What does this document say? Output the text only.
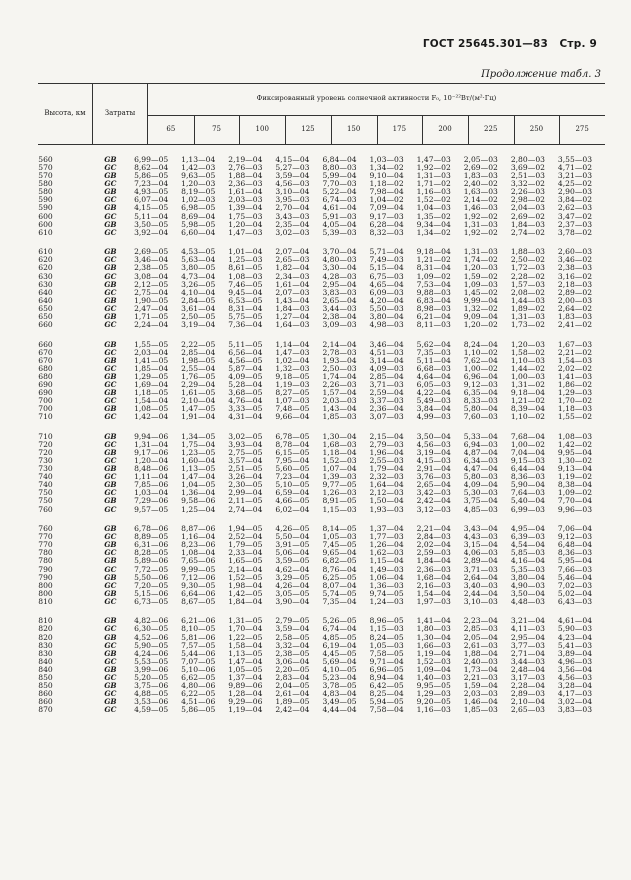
ГОСТ 25645.301—83 Стр. 9
Продолжение табл. 3
Высота, км	Затраты
Фиксированный уровень солнечной активности F₀, 10⁻²²Вт/(м²·Гц)
65	75	100	125	150	175	200	225	250	275
560	GB	6,99—05	1,13—04	2,19—04	4,15—04	6,84—04	1,03—03	1,47—03	2,05—03	2,80—03	3,55—03
570	GC	8,62—04	1,42—03	2,76—03	5,27—03	8,80—03	1,34—02	1,92—02	2,69—02	3,69—02	4,71—02
570	GB	5,86—05	9,63—05	1,88—04	3,59—04	5,99—04	9,10—04	1,31—03	1,83—03	2,51—03	3,21—03
580	GC	7,23—04	1,20—03	2,36—03	4,56—03	7,70—03	1,18—02	1,71—02	2,40—02	3,32—02	4,25—02
580	GB	4,93—05	8,19—05	1,61—04	3,10—04	5,22—04	7,98—04	1,16—03	1,63—03	2,26—03	2,90—03
590	GC	6,07—04	1,02—03	2,03—03	3,95—03	6,74—03	1,04—02	1,52—02	2,14—02	2,98—02	3,84—02
590	GB	4,15—05	6,98—05	1,39—04	2,70—04	4,61—04	7,09—04	1,04—03	1,46—03	2,04—03	2,62—03
600	GC	5,11—04	8,69—04	1,75—03	3,43—03	5,91—03	9,17—03	1,35—02	1,92—02	2,69—02	3,47—02
600	GB	3,50—05	5,98—05	1,20—04	2,35—04	4,05—04	6,28—04	9,34—04	1,31—03	1,84—03	2,37—03
610	GC	3,92—04	6,60—04	1,47—03	3,02—03	5,39—03	8,32—03	1,34—02	1,92—02	2,74—02	3,78—02
610	GB	2,69—05	4,53—05	1,01—04	2,07—04	3,70—04	5,71—04	9,18—04	1,31—03	1,88—03	2,60—03
620	GC	3,46—04	5,63—04	1,25—03	2,65—03	4,80—03	7,49—03	1,21—02	1,74—02	2,50—02	3,46—02
620	GB	2,38—05	3,80—05	8,61—05	1,82—04	3,30—04	5,15—04	8,31—04	1,20—03	1,72—03	2,38—03
630	GC	3,08—04	4,73—04	1,08—03	2,34—03	4,28—03	6,75—03	1,09—02	1,59—02	2,28—02	3,16—02
630	GB	2,12—05	3,26—05	7,46—05	1,61—04	2,95—04	4,65—04	7,53—04	1,09—03	1,57—03	2,18—03
640	GC	2,75—04	4,10—04	9,45—04	2,07—03	3,83—03	6,09—03	9,88—03	1,45—02	2,08—02	2,89—02
640	GB	1,90—05	2,84—05	6,53—05	1,43—04	2,65—04	4,20—04	6,83—04	9,99—04	1,44—03	2,00—03
650	GC	2,47—04	3,61—04	8,31—04	1,84—03	3,44—03	5,50—03	8,98—03	1,32—02	1,89—02	2,64—02
650	GB	1,71—05	2,50—05	5,75—05	1,27—04	2,38—04	3,80—04	6,21—04	9,09—04	1,31—03	1,83—03
660	GC	2,24—04	3,19—04	7,36—04	1,64—03	3,09—03	4,98—03	8,11—03	1,20—02	1,73—02	2,41—02
660	GB	1,55—05	2,22—05	5,11—05	1,14—04	2,14—04	3,46—04	5,62—04	8,24—04	1,20—03	1,67—03
670	GC	2,03—04	2,85—04	6,56—04	1,47—03	2,78—03	4,51—03	7,35—03	1,10—02	1,58—02	2,21—02
670	GB	1,41—05	1,98—05	4,56—05	1,02—04	1,93—04	3,14—04	5,11—04	7,62—04	1,10—03	1,54—03
680	GC	1,85—04	2,55—04	5,87—04	1,32—03	2,50—03	4,09—03	6,68—03	1,00—02	1,44—02	2,02—02
680	GB	1,29—05	1,76—05	4,09—05	9,18—05	1,74—04	2,85—04	4,64—04	6,96—04	1,00—03	1,41—03
690	GC	1,69—04	2,29—04	5,28—04	1,19—03	2,26—03	3,71—03	6,05—03	9,12—03	1,31—02	1,86—02
690	GB	1,18—05	1,61—05	3,68—05	8,27—05	1,57—04	2,59—04	4,22—04	6,35—04	9,18—04	1,29—03
700	GC	1,54—04	2,10—04	4,76—04	1,07—03	2,03—03	3,37—03	5,49—03	8,33—03	1,21—02	1,70—02
700	GB	1,08—05	1,47—05	3,33—05	7,48—05	1,43—04	2,36—04	3,84—04	5,80—04	8,39—04	1,18—03
710	GC	1,42—04	1,91—04	4,31—04	9,66—04	1,85—03	3,07—03	4,99—03	7,60—03	1,10—02	1,55—02
710	GB	9,94—06	1,34—05	3,02—05	6,78—05	1,30—04	2,15—04	3,50—04	5,33—04	7,68—04	1,08—03
720	GC	1,31—04	1,75—04	3,93—04	8,78—04	1,68—03	2,79—03	4,56—03	6,94—03	1,00—02	1,42—02
720	GB	9,17—06	1,23—05	2,75—05	6,15—05	1,18—04	1,96—04	3,19—04	4,87—04	7,04—04	9,95—04
730	GC	1,20—04	1,60—04	3,57—04	7,95—04	1,52—03	2,55—03	4,15—03	6,34—03	9,15—03	1,30—02
730	GB	8,48—06	1,13—05	2,51—05	5,60—05	1,07—04	1,79—04	2,91—04	4,47—04	6,44—04	9,13—04
740	GC	1,11—04	1,47—04	3,26—04	7,23—04	1,39—03	2,32—03	3,76—03	5,80—03	8,36—03	1,19—02
740	GB	7,85—06	1,04—05	2,30—05	5,10—05	9,77—05	1,64—04	2,65—04	4,09—04	5,90—04	8,38—04
750	GC	1,03—04	1,36—04	2,99—04	6,59—04	1,26—03	2,12—03	3,42—03	5,30—03	7,64—03	1,09—02
750	GB	7,29—06	9,58—06	2,11—05	4,66—05	8,91—05	1,50—04	2,42—04	3,75—04	5,40—04	7,70—04
760	GC	9,57—05	1,25—04	2,74—04	6,02—04	1,15—03	1,93—03	3,12—03	4,85—03	6,99—03	9,96—03
760	GB	6,78—06	8,87—06	1,94—05	4,26—05	8,14—05	1,37—04	2,21—04	3,43—04	4,95—04	7,06—04
770	GC	8,89—05	1,16—04	2,52—04	5,50—04	1,05—03	1,77—03	2,84—03	4,43—03	6,39—03	9,12—03
770	GB	6,31—06	8,23—06	1,79—05	3,91—05	7,45—05	1,26—04	2,02—04	3,15—04	4,54—04	6,48—04
780	GC	8,28—05	1,08—04	2,33—04	5,06—04	9,65—04	1,62—03	2,59—03	4,06—03	5,85—03	8,36—03
780	GB	5,89—06	7,65—06	1,65—05	3,59—05	6,82—05	1,15—04	1,84—04	2,89—04	4,16—04	5,95—04
790	GC	7,72—05	9,99—05	2,14—04	4,62—04	8,76—04	1,49—03	2,36—03	3,71—03	5,35—03	7,66—03
790	GB	5,50—06	7,12—06	1,52—05	3,29—05	6,25—05	1,06—04	1,68—04	2,64—04	3,80—04	5,46—04
800	GC	7,20—05	9,30—05	1,98—04	4,26—04	8,07—04	1,36—03	2,16—03	3,40—03	4,90—03	7,02—03
800	GB	5,15—06	6,64—06	1,42—05	3,05—05	5,74—05	9,74—05	1,54—04	2,44—04	3,50—04	5,02—04
810	GC	6,73—05	8,67—05	1,84—04	3,90—04	7,35—04	1,24—03	1,97—03	3,10—03	4,48—03	6,43—03
810	GB	4,82—06	6,21—06	1,31—05	2,79—05	5,26—05	8,96—05	1,41—04	2,23—04	3,21—04	4,61—04
820	GC	6,30—05	8,10—05	1,70—04	3,59—04	6,74—04	1,15—03	1,80—03	2,85—03	4,11—03	5,90—03
820	GB	4,52—06	5,81—06	1,22—05	2,58—05	4,85—05	8,24—05	1,30—04	2,05—04	2,95—04	4,23—04
830	GC	5,90—05	7,57—05	1,58—04	3,32—04	6,19—04	1,05—03	1,66—03	2,61—03	3,77—03	5,41—03
830	GB	4,24—06	5,44—06	1,13—05	2,38—05	4,45—05	7,58—05	1,19—04	1,88—04	2,71—04	3,89—04
840	GC	5,53—05	7,07—05	1,47—04	3,06—04	5,69—04	9,71—04	1,52—03	2,40—03	3,44—03	4,96—03
840	GB	3,99—06	5,10—06	1,05—05	2,20—05	4,10—05	6,96—05	1,09—04	1,73—04	2,48—04	3,56—04
850	GC	5,20—05	6,62—05	1,37—04	2,83—04	5,23—04	8,94—04	1,40—03	2,21—03	3,17—03	4,56—03
850	GB	3,75—06	4,80—06	9,89—06	2,04—05	3,78—05	6,42—05	9,95—05	1,59—04	2,28—04	3,28—04
860	GC	4,88—05	6,22—05	1,28—04	2,61—04	4,83—04	8,25—04	1,29—03	2,03—03	2,89—03	4,17—03
860	GB	3,53—06	4,51—06	9,29—06	1,89—05	3,49—05	5,94—05	9,20—05	1,46—04	2,10—04	3,02—04
870	GC	4,59—05	5,86—05	1,19—04	2,42—04	4,44—04	7,58—04	1,16—03	1,85—03	2,65—03	3,83—03
